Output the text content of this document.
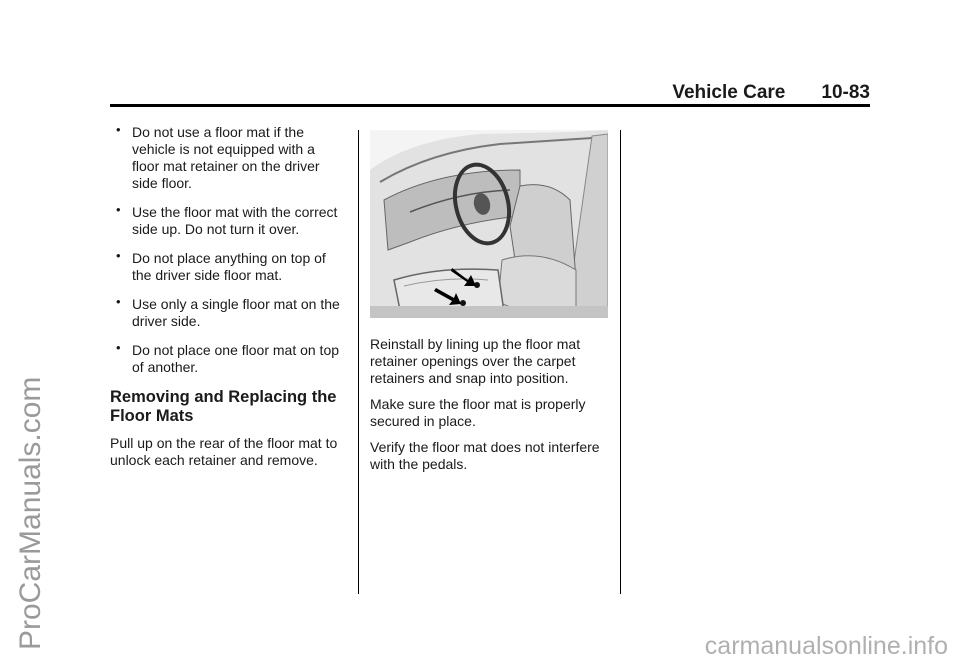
ProCarManuals.com
Vehicle Care 10-83
• Do not use a floor mat if the vehicle is not equipped with a floor mat retainer on the driver side floor.
• Use the floor mat with the correct side up. Do not turn it over.
• Do not place anything on top of the driver side floor mat.
• Use only a single floor mat on the driver side.
• Do not place one floor mat on top of another.
Removing and Replacing the Floor Mats

Pull up on the rear of the floor mat to unlock each retainer and remove.

Reinstall by lining up the floor mat retainer openings over the carpet retainers and snap into position.

Make sure the floor mat is properly secured in place.

Verify the floor mat does not interfere with the pedals.

carmanualsonline.info
